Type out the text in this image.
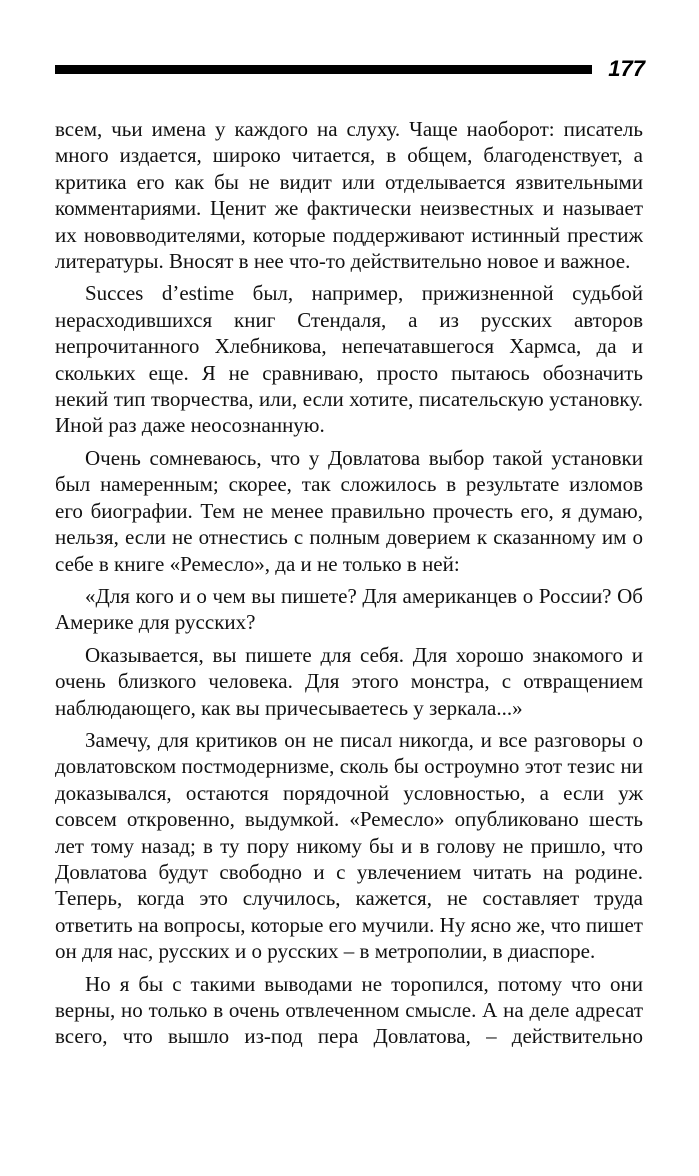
177

всем, чьи имена у каждого на слуху. Чаще наоборот: писатель много издается, широко читается, в общем, благоденствует, а критика его как бы не видит или отделывается язвительными комментариями. Ценит же фактически неизвестных и называет их нововводителями, которые поддерживают истинный престиж литературы. Вносят в нее что-то действительно новое и важное.

Succes d’estime был, например, прижизненной судьбой нерасходившихся книг Стендаля, а из русских авторов непрочитанного Хлебникова, непечатавшегося Хармса, да и скольких еще. Я не сравниваю, просто пытаюсь обозначить некий тип творчества, или, если хотите, писательскую установку. Иной раз даже неосознанную.

Очень сомневаюсь, что у Довлатова выбор такой установки был намеренным; скорее, так сложилось в результате изломов его биографии. Тем не менее правильно прочесть его, я думаю, нельзя, если не отнестись с полным доверием к сказанному им о себе в книге «Ремесло», да и не только в ней:

«Для кого и о чем вы пишете? Для американцев о России? Об Америке для русских?

Оказывается, вы пишете для себя. Для хорошо знакомого и очень близкого человека. Для этого монстра, с отвращением наблюдающего, как вы причесываетесь у зеркала...»

Замечу, для критиков он не писал никогда, и все разговоры о довлатовском постмодернизме, сколь бы остроумно этот тезис ни доказывался, остаются порядочной условностью, а если уж совсем откровенно, выдумкой. «Ремесло» опубликовано шесть лет тому назад; в ту пору никому бы и в голову не пришло, что Довлатова будут свободно и с увлечением читать на родине. Теперь, когда это случилось, кажется, не составляет труда ответить на вопросы, которые его мучили. Ну ясно же, что пишет он для нас, русских и о русских – в метрополии, в диаспоре.

Но я бы с такими выводами не торопился, потому что они верны, но только в очень отвлеченном смысле. А на деле адресат всего, что вышло из-под пера Довлатова, – действительно
